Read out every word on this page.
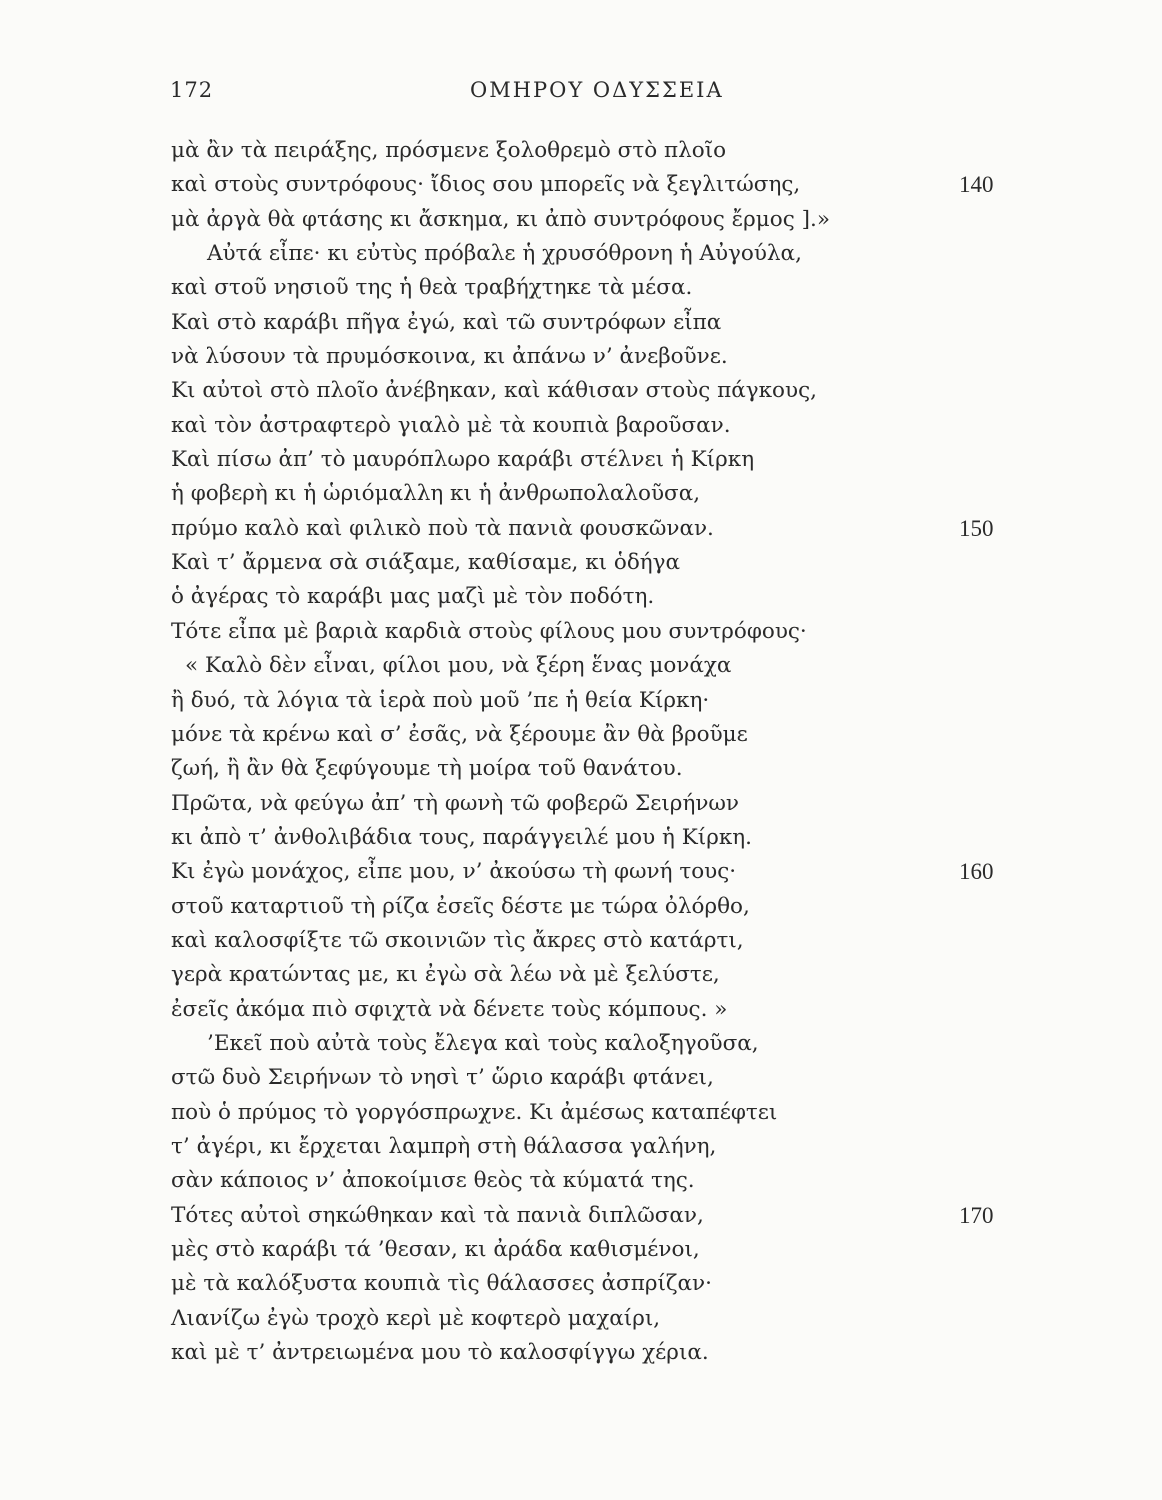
172	ΟΜΗΡΟΥ ΟΔΥΣΣΕΙΑ
μὰ ἂν τὰ πειράξης, πρόσμενε ξολοθρεμὸ στὸ πλοῖο
καὶ στοὺς συντρόφους· ἴδιος σου μπορεῖς νὰ ξεγλιτώσης,	140
μὰ ἀργὰ θὰ φτάσης κι ἄσκημα, κι ἀπὸ συντρόφους ἔρμος ].»
Αὐτά εἶπε· κι εὐτὺς πρόβαλε ἡ χρυσόθρονη ἡ Αὐγούλα,
καὶ στοῦ νησιοῦ της ἡ θεὰ τραβήχτηκε τὰ μέσα.
Καὶ στὸ καράβι πῆγα ἐγώ, καὶ τῶ συντρόφων εἶπα
νὰ λύσουν τὰ πρυμόσκοινα, κι ἀπάνω ν’ ἀνεβοῦνε.
Κι αὐτοὶ στὸ πλοῖο ἀνέβηκαν, καὶ κάθισαν στοὺς πάγκους,
καὶ τὸν ἀστραφτερὸ γιαλὸ μὲ τὰ κουπιὰ βαροῦσαν.
Καὶ πίσω ἀπ’ τὸ μαυρόπλωρο καράβι στέλνει ἡ Κίρκη
ἡ φοβερὴ κι ἡ ὡριόμαλλη κι ἡ ἀνθρωπολαλοῦσα,
πρύμο καλὸ καὶ φιλικὸ ποὺ τὰ πανιὰ φουσκῶναν.	150
Καὶ τ’ ἄρμενα σὰ σιάξαμε, καθίσαμε, κι ὁδήγα
ὁ ἀγέρας τὸ καράβι μας μαζὶ μὲ τὸν ποδότη.
Τότε εἶπα μὲ βαριὰ καρδιὰ στοὺς φίλους μου συντρόφους·
« Καλὸ δὲν εἶναι, φίλοι μου, νὰ ξέρη ἕνας μονάχα
ἢ δυό, τὰ λόγια τὰ ἱερὰ ποὺ μοῦ ’πε ἡ θεία Κίρκη·
μόνε τὰ κρένω καὶ σ’ ἐσᾶς, νὰ ξέρουμε ἂν θὰ βροῦμε
ζωή, ἢ ἂν θὰ ξεφύγουμε τὴ μοίρα τοῦ θανάτου.
Πρῶτα, νὰ φεύγω ἀπ’ τὴ φωνὴ τῶ φοβερῶ Σειρήνων
κι ἀπὸ τ’ ἀνθολιβάδια τους, παράγγειλέ μου ἡ Κίρκη.
Κι ἐγὼ μονάχος, εἶπε μου, ν’ ἀκούσω τὴ φωνή τους·	160
στοῦ καταρτιοῦ τὴ ρίζα ἐσεῖς δέστε με τώρα ὀλόρθο,
καὶ καλοσφίξτε τῶ σκοινιῶν τὶς ἄκρες στὸ κατάρτι,
γερὰ κρατώντας με, κι ἐγὼ σὰ λέω νὰ μὲ ξελύστε,
ἐσεῖς ἀκόμα πιὸ σφιχτὰ νὰ δένετε τοὺς κόμπους. »
’Εκεῖ ποὺ αὐτὰ τοὺς ἔλεγα καὶ τοὺς καλοξηγοῦσα,
στῶ δυὸ Σειρήνων τὸ νησὶ τ’ ὥριο καράβι φτάνει,
ποὺ ὁ πρύμος τὸ γοργόσπρωχνε. Κι ἀμέσως καταπέφτει
τ’ ἀγέρι, κι ἔρχεται λαμπρὴ στὴ θάλασσα γαλήνη,
σὰν κάποιος ν’ ἀποκοίμισε θεὸς τὰ κύματά της.
Τότες αὐτοὶ σηκώθηκαν καὶ τὰ πανιὰ διπλῶσαν,	170
μὲς στὸ καράβι τά ’θεσαν, κι ἀράδα καθισμένοι,
μὲ τὰ καλόξυστα κουπιὰ τὶς θάλασσες ἀσπρίζαν·
Λιανίζω ἐγὼ τροχὸ κερὶ μὲ κοφτερὸ μαχαίρι,
καὶ μὲ τ’ ἀντρειωμένα μου τὸ καλοσφίγγω χέρια.
